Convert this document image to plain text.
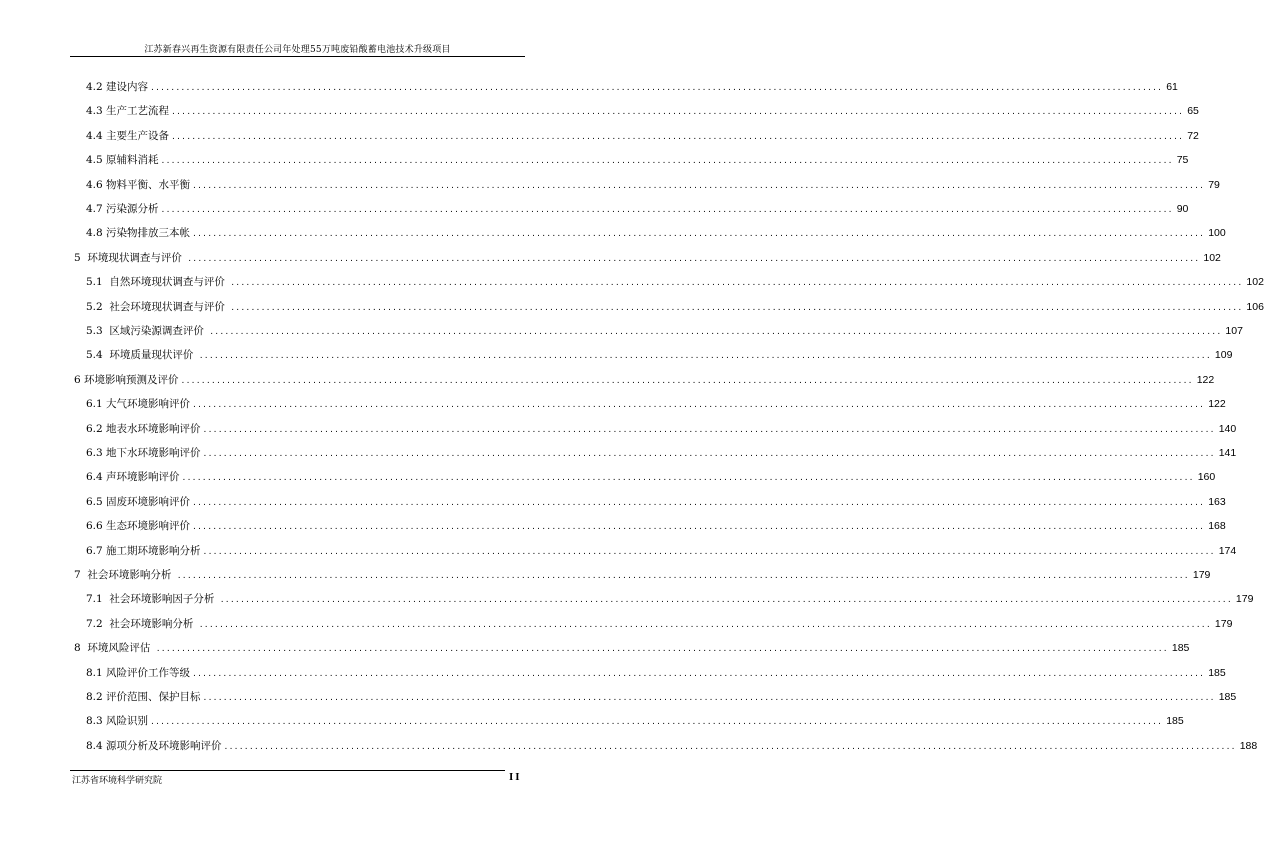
江苏新春兴再生资源有限责任公司年处理55万吨废铅酸蓄电池技术升级项目
4.2 建设内容 ........................................................................................................................................................................................................ 61
4.3 生产工艺流程 ........................................................................................................................................................................................................ 65
4.4 主要生产设备 ........................................................................................................................................................................................................ 72
4.5 原辅料消耗 ........................................................................................................................................................................................................ 75
4.6 物料平衡、水平衡 ........................................................................................................................................................................................................ 79
4.7 污染源分析 ........................................................................................................................................................................................................ 90
4.8 污染物排放三本帐 ........................................................................................................................................................................................................ 100
5  环境现状调查与评价 ........................................................................................................................................................................................................ 102
5.1  自然环境现状调查与评价 ........................................................................................................................................................................................................ 102
5.2  社会环境现状调查与评价 ........................................................................................................................................................................................................ 106
5.3  区域污染源调查评价 ........................................................................................................................................................................................................ 107
5.4  环境质量现状评价 ........................................................................................................................................................................................................ 109
6 环境影响预测及评价 ........................................................................................................................................................................................................ 122
6.1 大气环境影响评价 ........................................................................................................................................................................................................ 122
6.2 地表水环境影响评价 ........................................................................................................................................................................................................ 140
6.3 地下水环境影响评价 ........................................................................................................................................................................................................ 141
6.4 声环境影响评价 ........................................................................................................................................................................................................ 160
6.5 固废环境影响评价 ........................................................................................................................................................................................................ 163
6.6 生态环境影响评价 ........................................................................................................................................................................................................ 168
6.7 施工期环境影响分析 ........................................................................................................................................................................................................ 174
7  社会环境影响分析 ........................................................................................................................................................................................................ 179
7.1  社会环境影响因子分析 ........................................................................................................................................................................................................ 179
7.2  社会环境影响分析 ........................................................................................................................................................................................................ 179
8  环境风险评估 ........................................................................................................................................................................................................ 185
8.1 风险评价工作等级 ........................................................................................................................................................................................................ 185
8.2 评价范围、保护目标 ........................................................................................................................................................................................................ 185
8.3 风险识别 ........................................................................................................................................................................................................ 185
8.4 源项分析及环境影响评价 ........................................................................................................................................................................................................ 188
江苏省环境科学研究院	II
